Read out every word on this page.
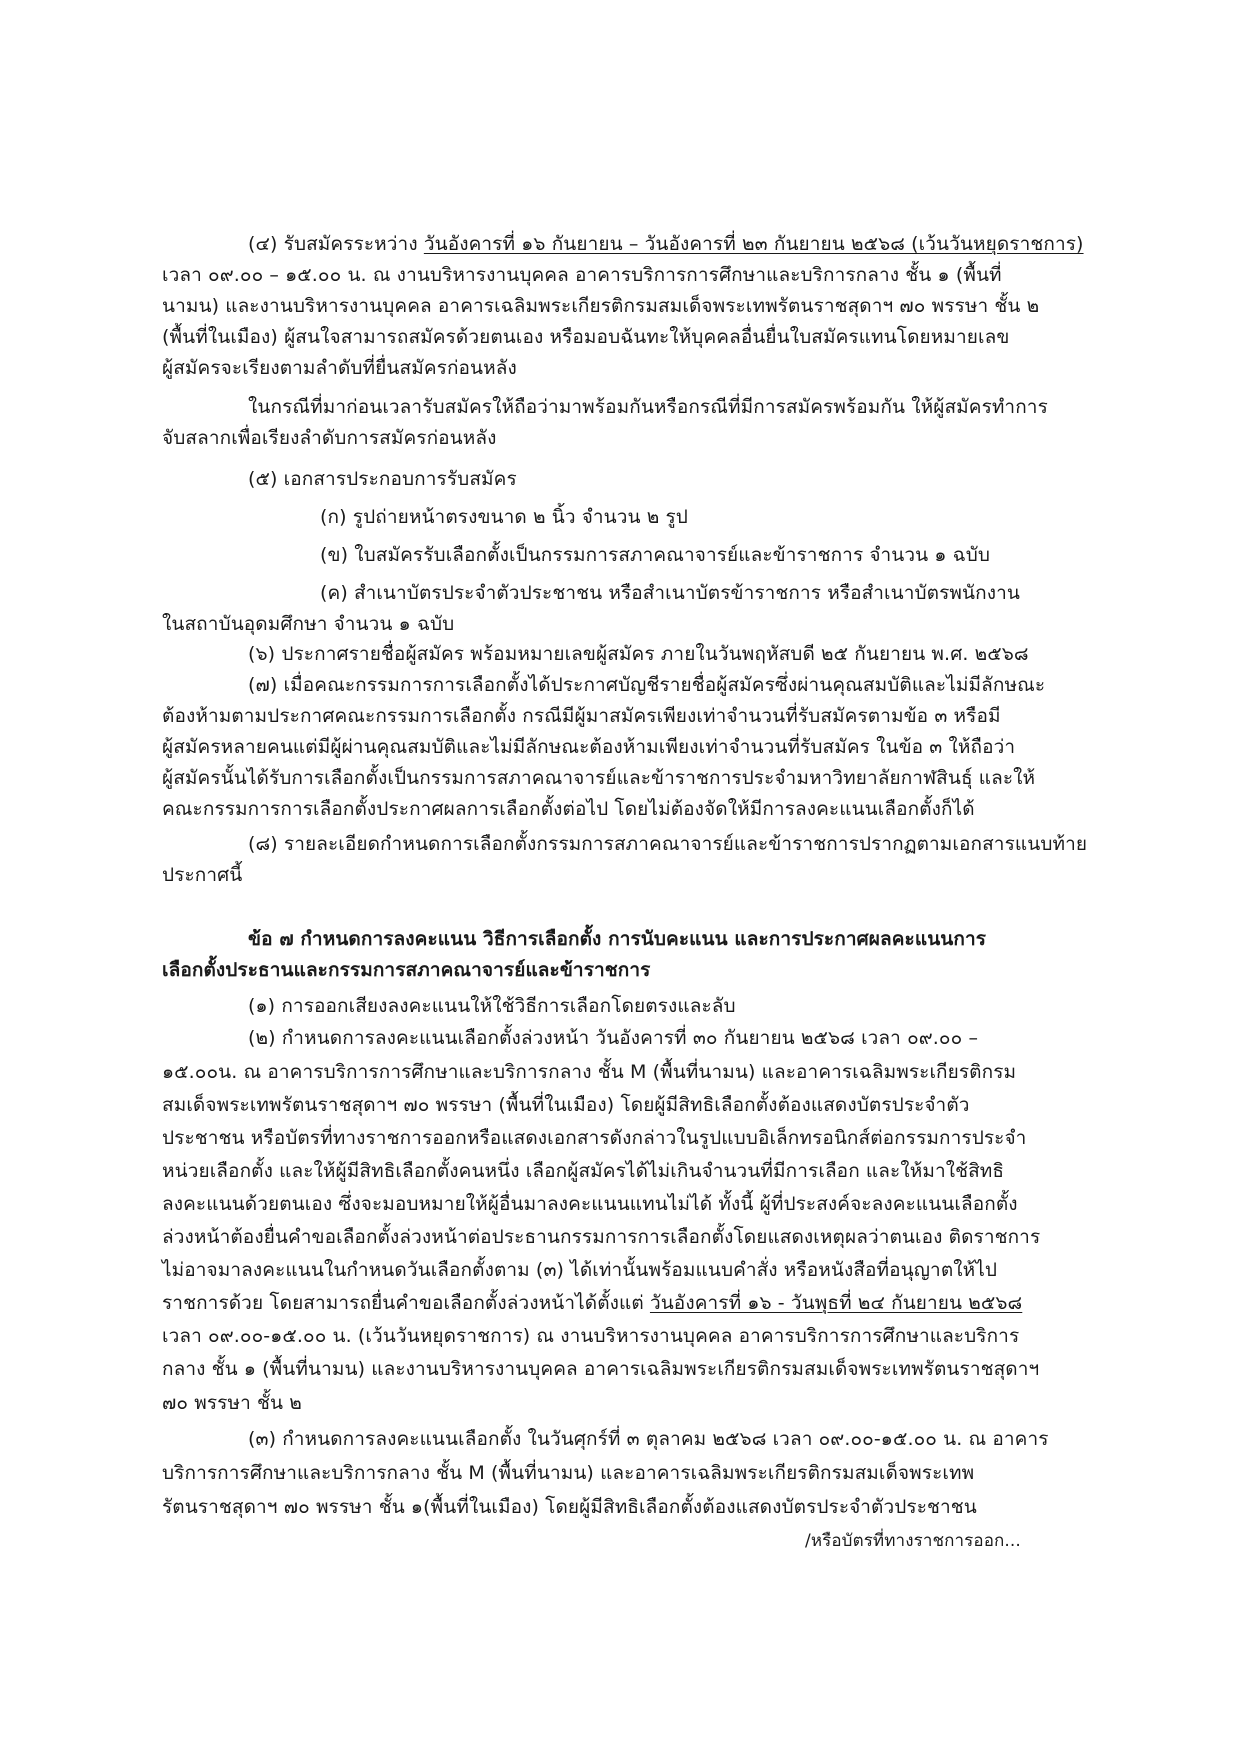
(๔) รับสมัครระหว่าง วันอังคารที่ ๑๖ กันยายน – วันอังคารที่ ๒๓ กันยายน ๒๕๖๘ (เว้นวันหยุดราชการ)
เวลา ๐๙.๐๐ – ๑๕.๐๐ น. ณ งานบริหารงานบุคคล อาคารบริการการศึกษาและบริการกลาง ชั้น ๑ (พื้นที่
นามน) และงานบริหารงานบุคคล อาคารเฉลิมพระเกียรติกรมสมเด็จพระเทพรัตนราชสุดาฯ ๗๐ พรรษา ชั้น ๒
(พื้นที่ในเมือง) ผู้สนใจสามารถสมัครด้วยตนเอง หรือมอบฉันทะให้บุคคลอื่นยื่นใบสมัครแทนโดยหมายเลข
ผู้สมัครจะเรียงตามลำดับที่ยื่นสมัครก่อนหลัง
ในกรณีที่มาก่อนเวลารับสมัครให้ถือว่ามาพร้อมกันหรือกรณีที่มีการสมัครพร้อมกัน ให้ผู้สมัครทำการ
จับสลากเพื่อเรียงลำดับการสมัครก่อนหลัง
(๕) เอกสารประกอบการรับสมัคร
(ก) รูปถ่ายหน้าตรงขนาด ๒ นิ้ว จำนวน ๒ รูป
(ข) ใบสมัครรับเลือกตั้งเป็นกรรมการสภาคณาจารย์และข้าราชการ จำนวน ๑ ฉบับ
(ค) สำเนาบัตรประจำตัวประชาชน หรือสำเนาบัตรข้าราชการ หรือสำเนาบัตรพนักงาน
ในสถาบันอุดมศึกษา จำนวน ๑ ฉบับ
(๖) ประกาศรายชื่อผู้สมัคร พร้อมหมายเลขผู้สมัคร ภายในวันพฤหัสบดี ๒๕ กันยายน พ.ศ. ๒๕๖๘
(๗) เมื่อคณะกรรมการการเลือกตั้งได้ประกาศบัญชีรายชื่อผู้สมัครซึ่งผ่านคุณสมบัติและไม่มีลักษณะ
ต้องห้ามตามประกาศคณะกรรมการเลือกตั้ง กรณีมีผู้มาสมัครเพียงเท่าจำนวนที่รับสมัครตามข้อ ๓ หรือมี
ผู้สมัครหลายคนแต่มีผู้ผ่านคุณสมบัติและไม่มีลักษณะต้องห้ามเพียงเท่าจำนวนที่รับสมัคร ในข้อ ๓ ให้ถือว่า
ผู้สมัครนั้นได้รับการเลือกตั้งเป็นกรรมการสภาคณาจารย์และข้าราชการประจำมหาวิทยาลัยกาฬสินธุ์ และให้
คณะกรรมการการเลือกตั้งประกาศผลการเลือกตั้งต่อไป โดยไม่ต้องจัดให้มีการลงคะแนนเลือกตั้งก็ได้
(๘) รายละเอียดกำหนดการเลือกตั้งกรรมการสภาคณาจารย์และข้าราชการปรากฏตามเอกสารแนบท้าย
ประกาศนี้
ข้อ ๗ กำหนดการลงคะแนน วิธีการเลือกตั้ง การนับคะแนน และการประกาศผลคะแนนการ
เลือกตั้งประธานและกรรมการสภาคณาจารย์และข้าราชการ
(๑) การออกเสียงลงคะแนนให้ใช้วิธีการเลือกโดยตรงและลับ
(๒) กำหนดการลงคะแนนเลือกตั้งล่วงหน้า วันอังคารที่ ๓๐ กันยายน ๒๕๖๘ เวลา ๐๙.๐๐ –
๑๕.๐๐น. ณ อาคารบริการการศึกษาและบริการกลาง ชั้น M (พื้นที่นามน) และอาคารเฉลิมพระเกียรติกรม
สมเด็จพระเทพรัตนราชสุดาฯ ๗๐ พรรษา (พื้นที่ในเมือง) โดยผู้มีสิทธิเลือกตั้งต้องแสดงบัตรประจำตัว
ประชาชน หรือบัตรที่ทางราชการออกหรือแสดงเอกสารดังกล่าวในรูปแบบอิเล็กทรอนิกส์ต่อกรรมการประจำ
หน่วยเลือกตั้ง และให้ผู้มีสิทธิเลือกตั้งคนหนึ่ง เลือกผู้สมัครได้ไม่เกินจำนวนที่มีการเลือก และให้มาใช้สิทธิ
ลงคะแนนด้วยตนเอง ซึ่งจะมอบหมายให้ผู้อื่นมาลงคะแนนแทนไม่ได้ ทั้งนี้ ผู้ที่ประสงค์จะลงคะแนนเลือกตั้ง
ล่วงหน้าต้องยื่นคำขอเลือกตั้งล่วงหน้าต่อประธานกรรมการการเลือกตั้งโดยแสดงเหตุผลว่าตนเอง ติดราชการ
ไม่อาจมาลงคะแนนในกำหนดวันเลือกตั้งตาม (๓) ได้เท่านั้นพร้อมแนบคำสั่ง หรือหนังสือที่อนุญาตให้ไป
ราชการด้วย โดยสามารถยื่นคำขอเลือกตั้งล่วงหน้าได้ตั้งแต่ วันอังคารที่ ๑๖ - วันพุธที่ ๒๔ กันยายน ๒๕๖๘
เวลา ๐๙.๐๐-๑๕.๐๐ น. (เว้นวันหยุดราชการ) ณ งานบริหารงานบุคคล อาคารบริการการศึกษาและบริการ
กลาง ชั้น ๑ (พื้นที่นามน) และงานบริหารงานบุคคล อาคารเฉลิมพระเกียรติกรมสมเด็จพระเทพรัตนราชสุดาฯ
๗๐ พรรษา ชั้น ๒
(๓) กำหนดการลงคะแนนเลือกตั้ง ในวันศุกร์ที่ ๓ ตุลาคม ๒๕๖๘ เวลา ๐๙.๐๐-๑๕.๐๐ น. ณ อาคาร
บริการการศึกษาและบริการกลาง ชั้น M (พื้นที่นามน) และอาคารเฉลิมพระเกียรติกรมสมเด็จพระเทพ
รัตนราชสุดาฯ ๗๐ พรรษา ชั้น ๑(พื้นที่ในเมือง) โดยผู้มีสิทธิเลือกตั้งต้องแสดงบัตรประจำตัวประชาชน
/หรือบัตรที่ทางราชการออก...
